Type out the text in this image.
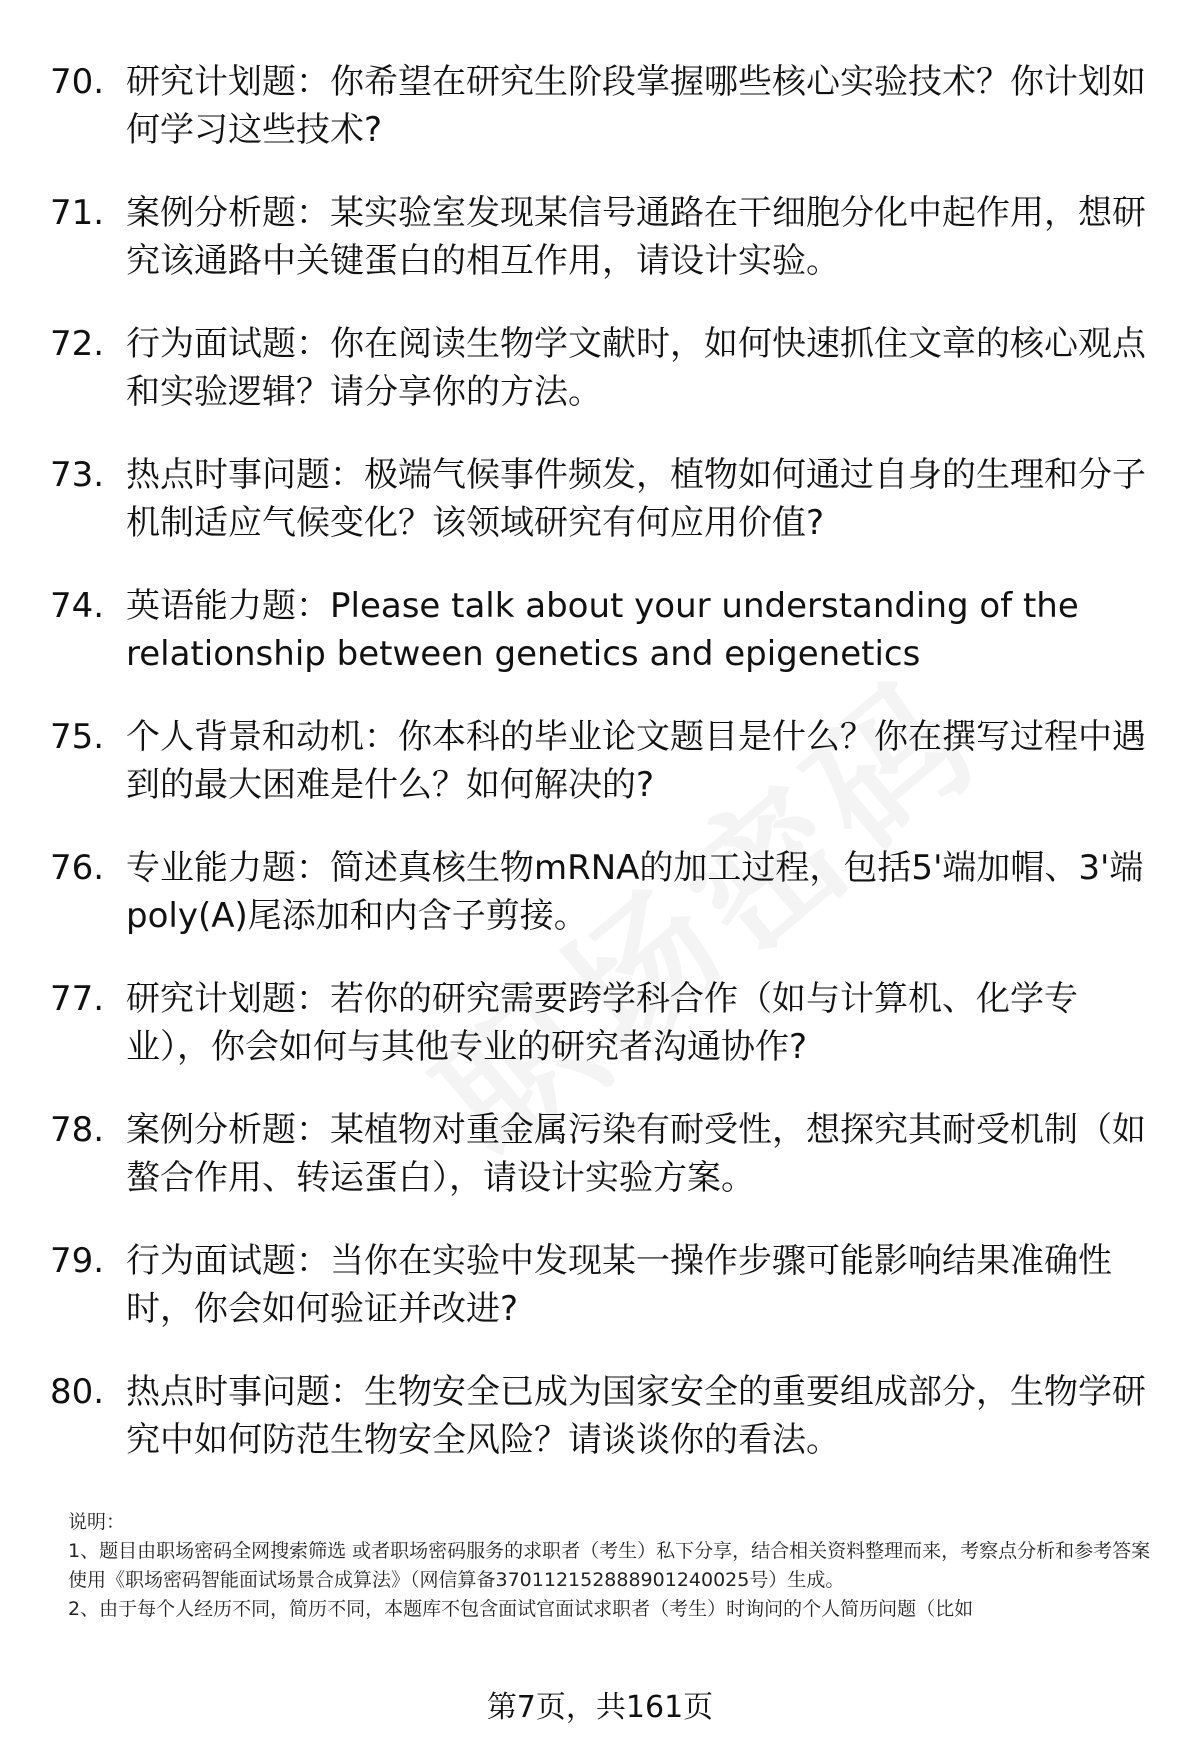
70. 研究计划题：你希望在研究生阶段掌握哪些核心实验技术？你计划如何学习这些技术?
71. 案例分析题：某实验室发现某信号通路在干细胞分化中起作用，想研究该通路中关键蛋白的相互作用，请设计实验。
72. 行为面试题：你在阅读生物学文献时，如何快速抓住文章的核心观点和实验逻辑？请分享你的方法。
73. 热点时事问题：极端气候事件频发，植物如何通过自身的生理和分子机制适应气候变化？该领域研究有何应用价值?
74. 英语能力题：Please talk about your understanding of the relationship between genetics and epigenetics
75. 个人背景和动机：你本科的毕业论文题目是什么？你在撰写过程中遇到的最大困难是什么？如何解决的?
76. 专业能力题：简述真核生物mRNA的加工过程，包括5'端加帽、3'端 poly(A)尾添加和内含子剪接。
77. 研究计划题：若你的研究需要跨学科合作（如与计算机、化学专业），你会如何与其他专业的研究者沟通协作?
78. 案例分析题：某植物对重金属污染有耐受性，想探究其耐受机制（如螯合作用、转运蛋白），请设计实验方案。
79. 行为面试题：当你在实验中发现某一操作步骤可能影响结果准确性时，你会如何验证并改进?
80. 热点时事问题：生物安全已成为国家安全的重要组成部分，生物学研究中如何防范生物安全风险？请谈谈你的看法。

说明：

1、题目由职场密码全网搜索筛选 或者职场密码服务的求职者（考生）私下分享，结合相关资料整理而来，考察点分析和参考答案使用《职场密码智能面试场景合成算法》（网信算备370112152888901240025号）生成。

2、由于每个人经历不同，简历不同，本题库不包含面试官面试求职者（考生）时询问的个人简历问题（比如

第7页，共161页
